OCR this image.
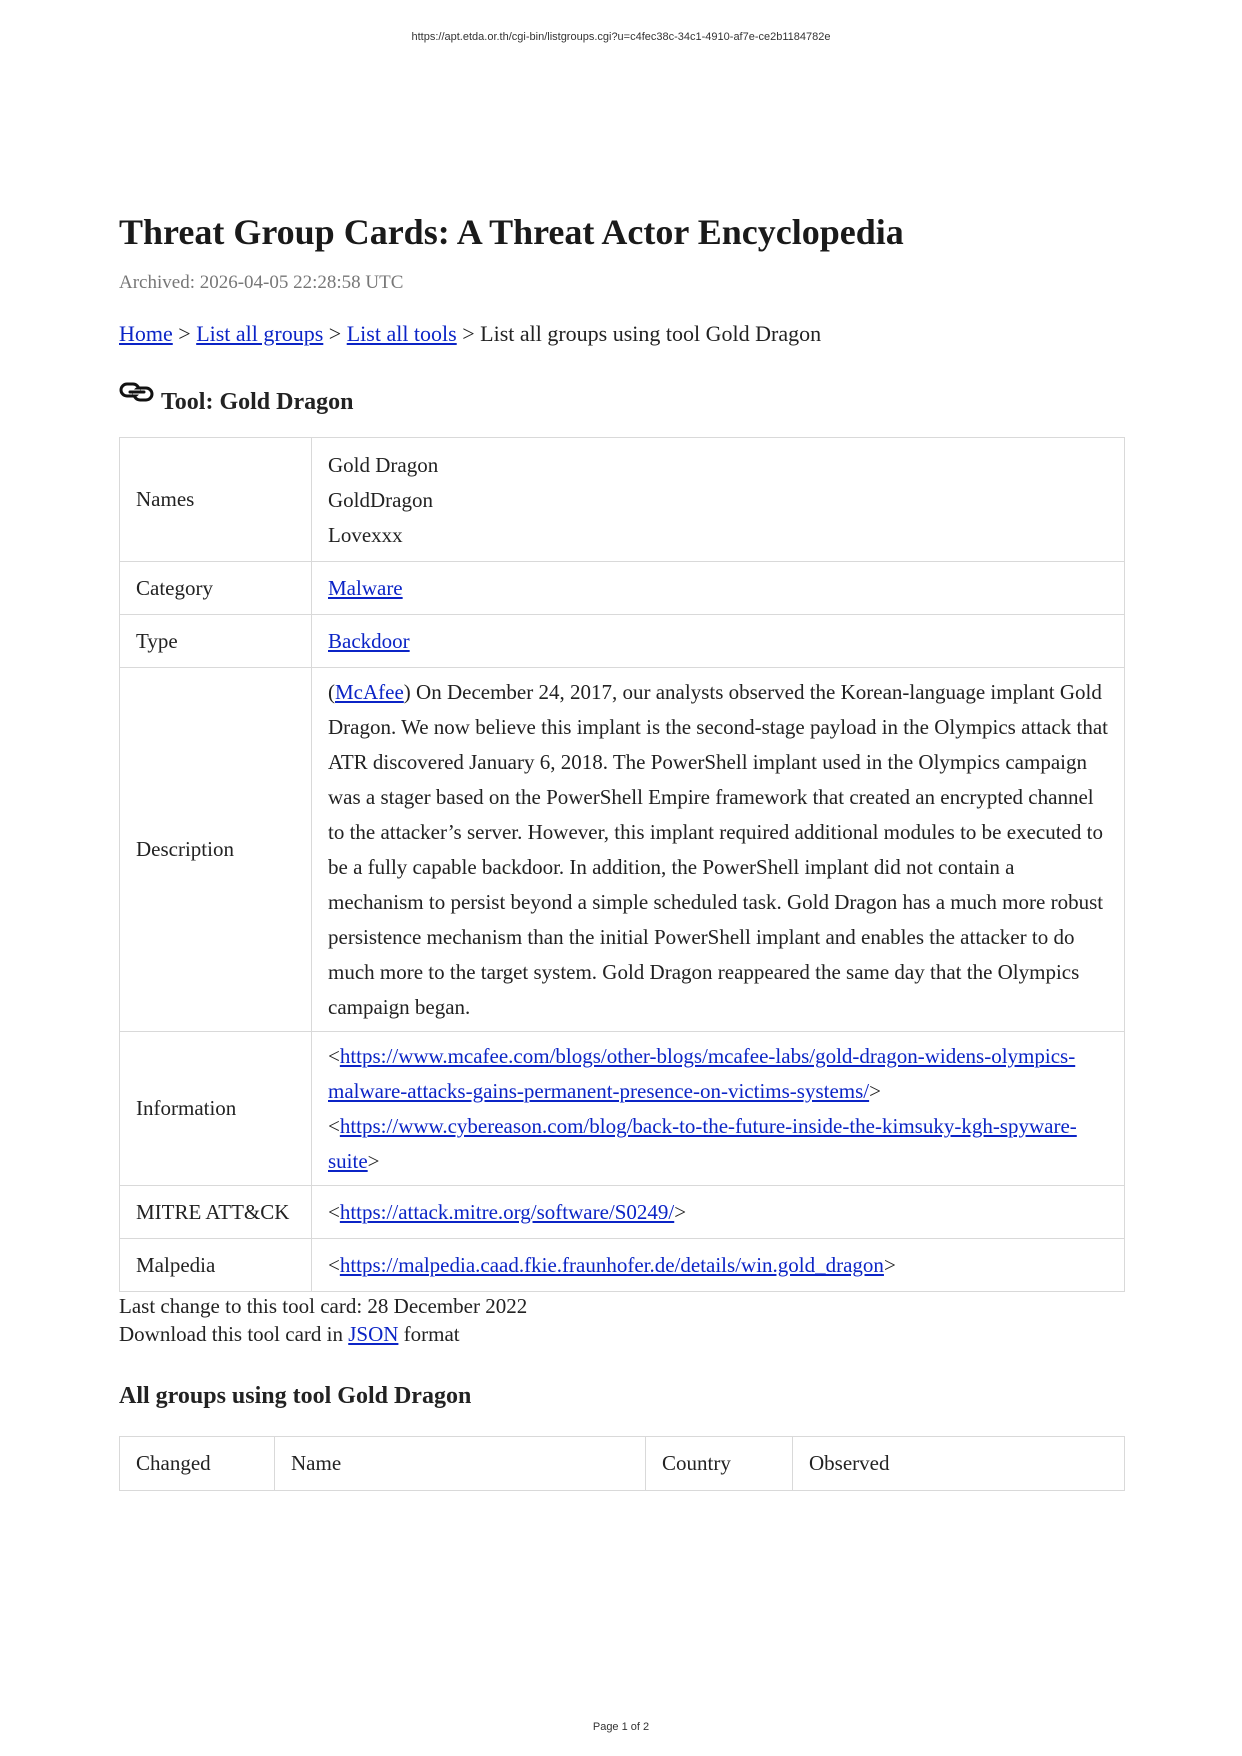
https://apt.etda.or.th/cgi-bin/listgroups.cgi?u=c4fec38c-34c1-4910-af7e-ce2b1184782e
Threat Group Cards: A Threat Actor Encyclopedia
Archived: 2026-04-05 22:28:58 UTC
Home > List all groups > List all tools > List all groups using tool Gold Dragon
Tool: Gold Dragon
Names	Gold Dragon
GoldDragon
Lovexxx

Category	Malware
Type	Backdoor
Description	(McAfee) On December 24, 2017, our analysts observed the Korean-language implant Gold Dragon. We now believe this implant is the second-stage payload in the Olympics attack that ATR discovered January 6, 2018. The PowerShell implant used in the Olympics campaign was a stager based on the PowerShell Empire framework that created an encrypted channel to the attacker’s server. However, this implant required additional modules to be executed to be a fully capable backdoor. In addition, the PowerShell implant did not contain a mechanism to persist beyond a simple scheduled task. Gold Dragon has a much more robust persistence mechanism than the initial PowerShell implant and enables the attacker to do much more to the target system. Gold Dragon reappeared the same day that the Olympics campaign began.
Information	<https://www.mcafee.com/blogs/other-blogs/mcafee-labs/gold-dragon-widens-olympics-malware-attacks-gains-permanent-presence-on-victims-systems/>
<https://www.cybereason.com/blog/back-to-the-future-inside-the-kimsuky-kgh-spyware-suite>

MITRE ATT&CK	<https://attack.mitre.org/software/S0249/>
Malpedia	<https://malpedia.caad.fkie.fraunhofer.de/details/win.gold_dragon>

Last change to this tool card: 28 December 2022

Download this tool card in JSON format

All groups using tool Gold Dragon
Changed	Name	Country	Observed
Page 1 of 2
